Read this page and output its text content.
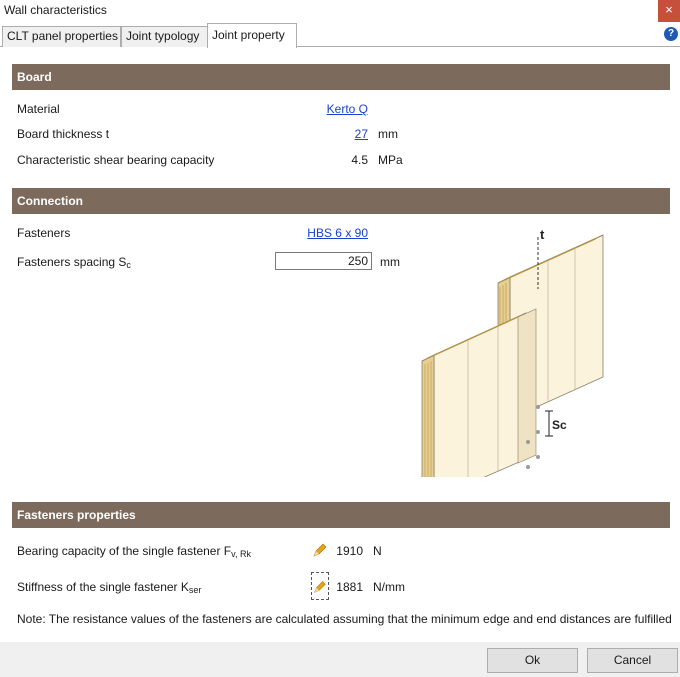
Wall characteristics	×
CLT panel properties Joint typology	Joint property	?
Board
Material	Kerto Q
Board thickness t	27 mm
Characteristic shear bearing capacity	4.5 MPa
Connection
Fasteners	HBS 6 x 90
Fasteners spacing $S_c$	250	mm
t
Sc
Fasteners properties
Bearing capacity of the single fastener $F_{v, Rk}$	1910 N
Stiffness of the single fastener $K_{ser}$	1881 N/mm
Note: The resistance values of the fasteners are calculated assuming that the minimum edge and end distances are fulfilled
Ok	Cancel
